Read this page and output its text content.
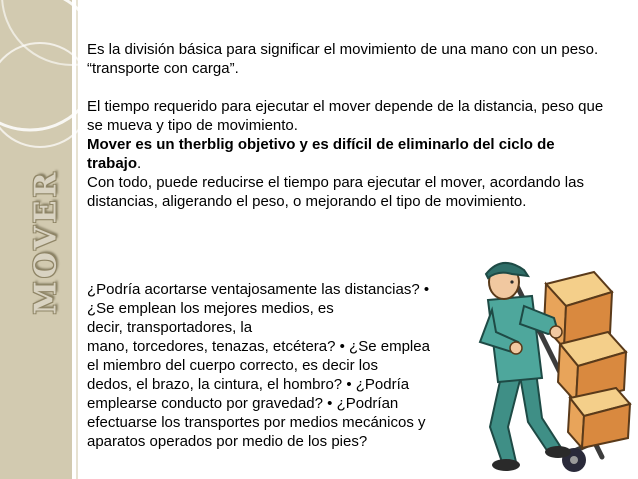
MOVER
Es la división básica para significar el movimiento de una mano con un peso. “transporte con carga”.
El tiempo requerido para ejecutar el mover depende de la distancia, peso que se mueva y tipo de movimiento.
Mover es un therblig objetivo y es difícil de eliminarlo del ciclo de trabajo.
Con todo, puede reducirse el tiempo para ejecutar el mover, acordando las distancias, aligerando el peso, o mejorando el tipo de movimiento.
¿Podría acortarse ventajosamente las distancias? •
¿Se emplean los mejores medios, es
decir, transportadores, la
mano, torcedores, tenazas, etcétera? • ¿Se emplea
el miembro del cuerpo correcto, es decir los
dedos, el brazo, la cintura, el hombro? • ¿Podría
emplearse conducto por gravedad? • ¿Podrían
efectuarse los transportes por medios mecánicos y
aparatos operados por medio de los pies?
